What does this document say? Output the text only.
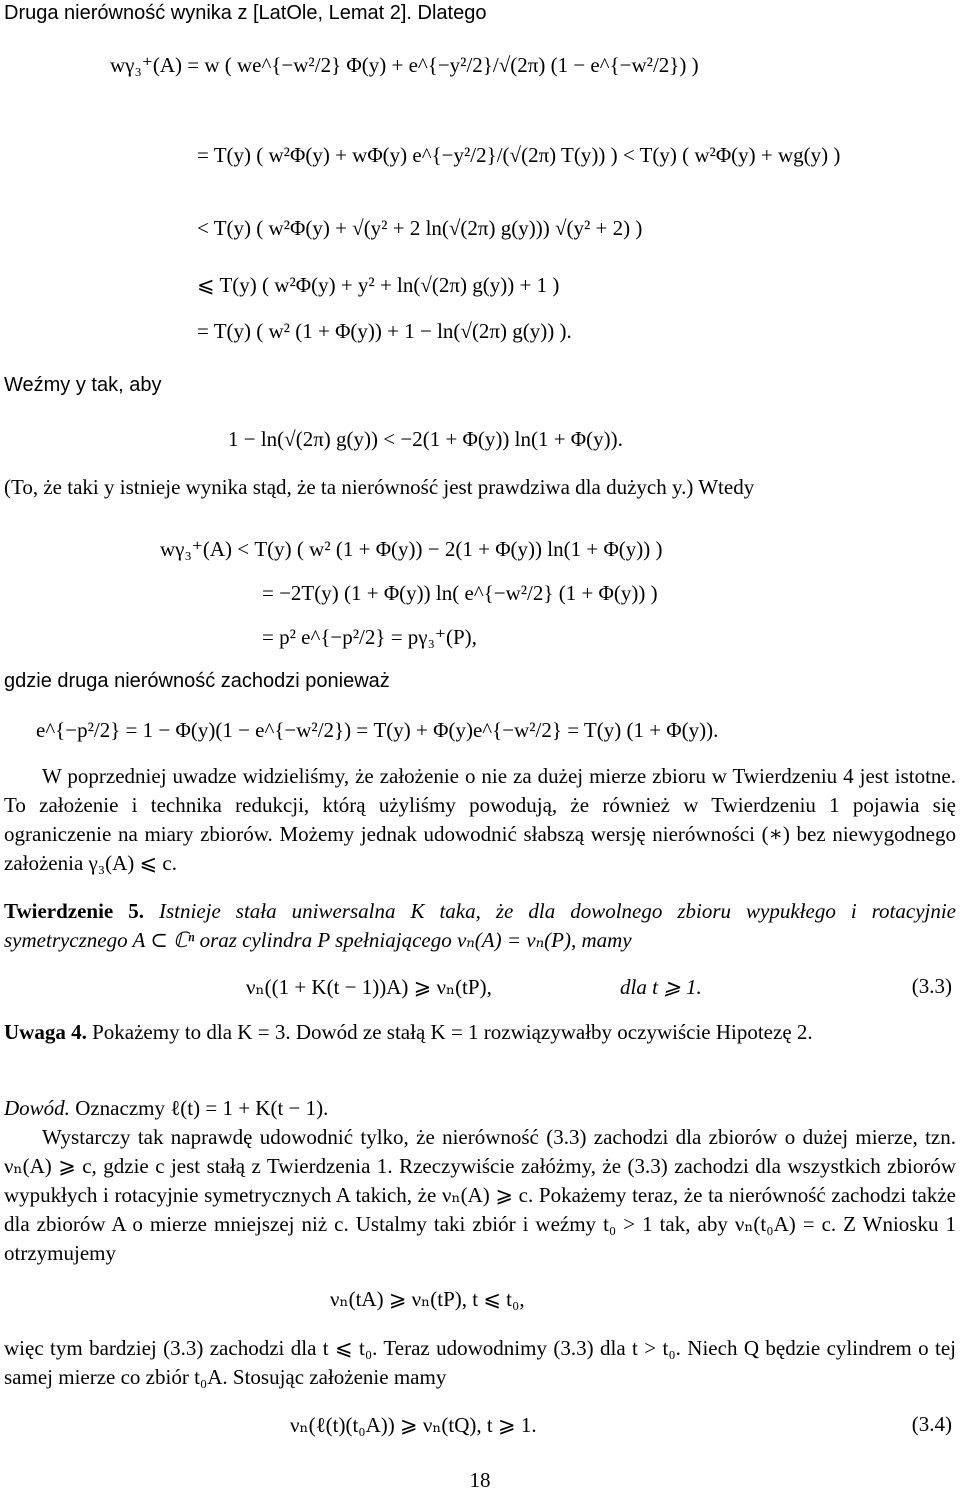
Druga nierówność wynika z [LatOle, Lemat 2]. Dlatego
wγ₃⁺(A) = w ( we^{−w²/2} Φ(y) + e^{−y²/2}/√(2π) (1 − e^{−w²/2}) )
= T(y) ( w²Φ(y) + wΦ(y) e^{−y²/2}/(√(2π) T(y)) ) < T(y) ( w²Φ(y) + wg(y) )
< T(y) ( w²Φ(y) + √(y² + 2 ln(√(2π) g(y))) √(y² + 2) )
⩽ T(y) ( w²Φ(y) + y² + ln(√(2π) g(y)) + 1 )
= T(y) ( w² (1 + Φ(y)) + 1 − ln(√(2π) g(y)) ).
Weźmy y tak, aby
1 − ln(√(2π) g(y)) < −2(1 + Φ(y)) ln(1 + Φ(y)).
(To, że taki y istnieje wynika stąd, że ta nierówność jest prawdziwa dla dużych y.) Wtedy
wγ₃⁺(A) < T(y) ( w² (1 + Φ(y)) − 2(1 + Φ(y)) ln(1 + Φ(y)) )
= −2T(y) (1 + Φ(y)) ln( e^{−w²/2} (1 + Φ(y)) )
= p² e^{−p²/2} = pγ₃⁺(P),
gdzie druga nierówność zachodzi ponieważ
e^{−p²/2} = 1 − Φ(y)(1 − e^{−w²/2}) = T(y) + Φ(y)e^{−w²/2} = T(y) (1 + Φ(y)).
W poprzedniej uwadze widzieliśmy, że założenie o nie za dużej mierze zbioru w Twierdzeniu 4 jest istotne. To założenie i technika redukcji, którą użyliśmy powodują, że również w Twierdzeniu 1 pojawia się ograniczenie na miary zbiorów. Możemy jednak udowodnić słabszą wersję nierówności (∗) bez niewygodnego założenia γ₃(A) ⩽ c.
Twierdzenie 5. Istnieje stała uniwersalna K taka, że dla dowolnego zbioru wypukłego i rotacyjnie symetrycznego A ⊂ ℂⁿ oraz cylindra P spełniającego νₙ(A) = νₙ(P), mamy
νₙ((1 + K(t − 1))A) ⩾ νₙ(tP),	dla t ⩾ 1.	(3.3)
Uwaga 4. Pokażemy to dla K = 3. Dowód ze stałą K = 1 rozwiązywałby oczywiście Hipotezę 2.
Dowód. Oznaczmy ℓ(t) = 1 + K(t − 1).
Wystarczy tak naprawdę udowodnić tylko, że nierówność (3.3) zachodzi dla zbiorów o dużej mierze, tzn. νₙ(A) ⩾ c, gdzie c jest stałą z Twierdzenia 1. Rzeczywiście załóżmy, że (3.3) zachodzi dla wszystkich zbiorów wypukłych i rotacyjnie symetrycznych A takich, że νₙ(A) ⩾ c. Pokażemy teraz, że ta nierówność zachodzi także dla zbiorów A o mierze mniejszej niż c. Ustalmy taki zbiór i weźmy t₀ > 1 tak, aby νₙ(t₀A) = c. Z Wniosku 1 otrzymujemy
νₙ(tA) ⩾ νₙ(tP), t ⩽ t₀,
więc tym bardziej (3.3) zachodzi dla t ⩽ t₀. Teraz udowodnimy (3.3) dla t > t₀. Niech Q będzie cylindrem o tej samej mierze co zbiór t₀A. Stosując założenie mamy
νₙ(ℓ(t)(t₀A)) ⩾ νₙ(tQ), t ⩾ 1.	(3.4)
18
